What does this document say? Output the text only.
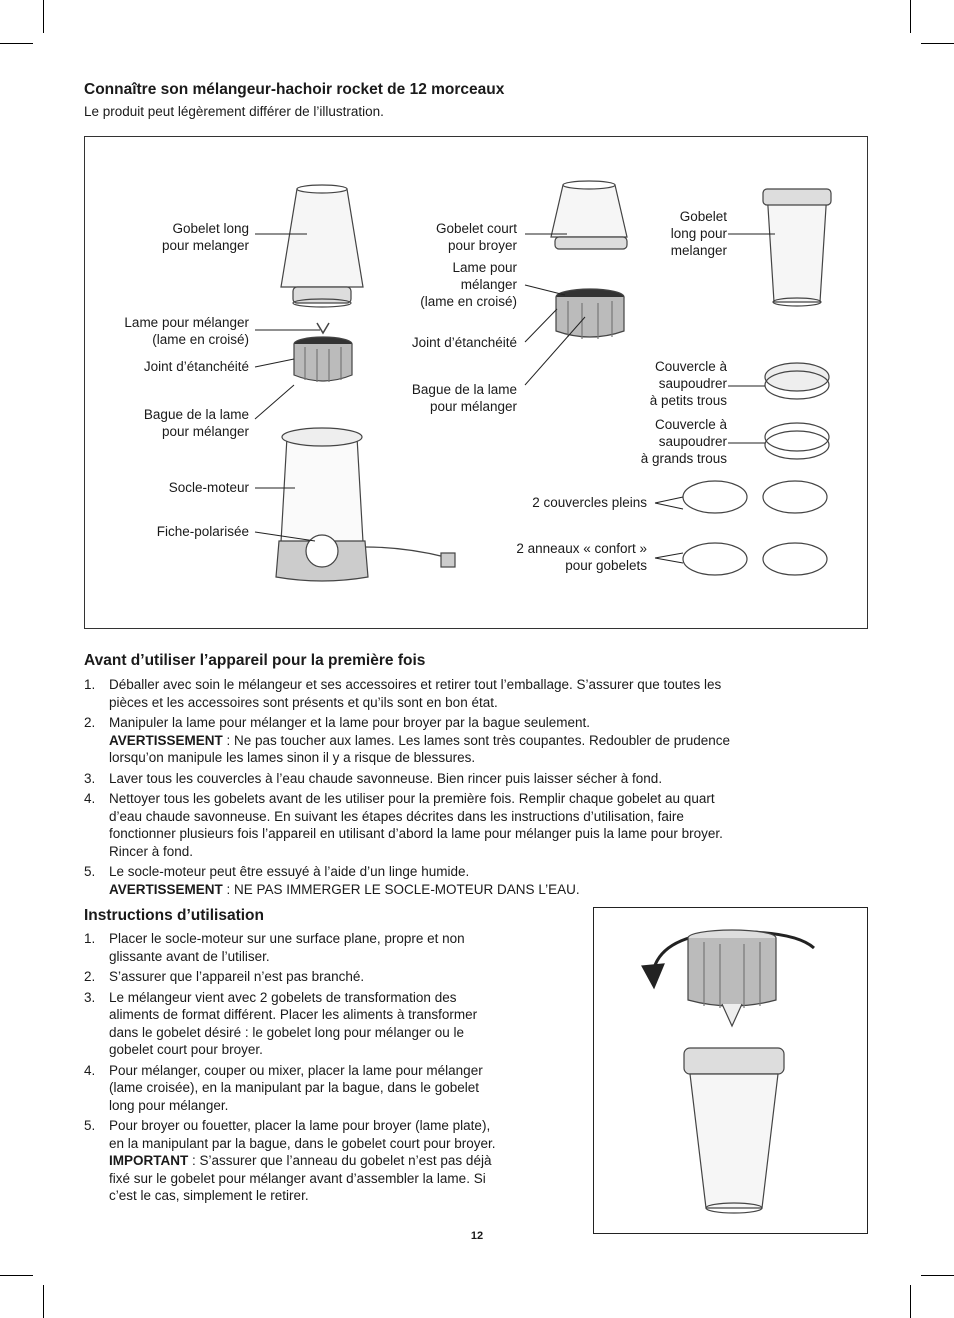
Connaître son mélangeur-hachoir rocket de 12 morceaux

Le produit peut légèrement différer de l’illustration.

Gobelet long
pour melanger
Lame pour mélanger
(lame en croisé)
Joint d’étanchéité
Bague de la lame
pour mélanger
Socle-moteur
Fiche-polarisée
Gobelet court
pour broyer
Lame pour
mélanger
(lame en croisé)
Joint d’étanchéité
Bague de la lame
pour mélanger
Gobelet
long pour
melanger
Couvercle à
saupoudrer
à petits trous
Couvercle à
saupoudrer
à grands trous
2 couvercles pleins
2 anneaux « confort »
pour gobelets
Avant d’utiliser l’appareil pour la première fois
1. Déballer avec soin le mélangeur et ses accessoires et retirer tout l’emballage. S’assurer que toutes les
pièces et les accessoires sont présents et qu’ils sont en bon état.
2. Manipuler la lame pour mélanger et la lame pour broyer par la bague seulement.
AVERTISSEMENT : Ne pas toucher aux lames. Les lames sont très coupantes. Redoubler de prudence
lorsqu’on manipule les lames sinon il y a risque de blessures.
3. Laver tous les couvercles à l’eau chaude savonneuse. Bien rincer puis laisser sécher à fond.
4. Nettoyer tous les gobelets avant de les utiliser pour la première fois. Remplir chaque gobelet au quart
d’eau chaude savonneuse. En suivant les étapes décrites dans les instructions d’utilisation, faire
fonctionner plusieurs fois l’appareil en utilisant d’abord la lame pour mélanger puis la lame pour broyer.
Rincer à fond.
5. Le socle-moteur peut être essuyé à l’aide d’un linge humide.
AVERTISSEMENT : NE PAS IMMERGER LE SOCLE-MOTEUR DANS L’EAU.
Instructions d’utilisation
1. Placer le socle-moteur sur une surface plane, propre et non
glissante avant de l’utiliser.
2. S’assurer que l’appareil n’est pas branché.
3. Le mélangeur vient avec 2 gobelets de transformation des
aliments de format différent. Placer les aliments à transformer
dans le gobelet désiré : le gobelet long pour mélanger ou le
gobelet court pour broyer.
4. Pour mélanger, couper ou mixer, placer la lame pour mélanger
(lame croisée), en la manipulant par la bague, dans le gobelet
long pour mélanger.
5. Pour broyer ou fouetter, placer la lame pour broyer (lame plate),
en la manipulant par la bague, dans le gobelet court pour broyer.
IMPORTANT : S’assurer que l’anneau du gobelet n’est pas déjà
fixé sur le gobelet pour mélanger avant d’assembler la lame. Si
c’est le cas, simplement le retirer.
12
